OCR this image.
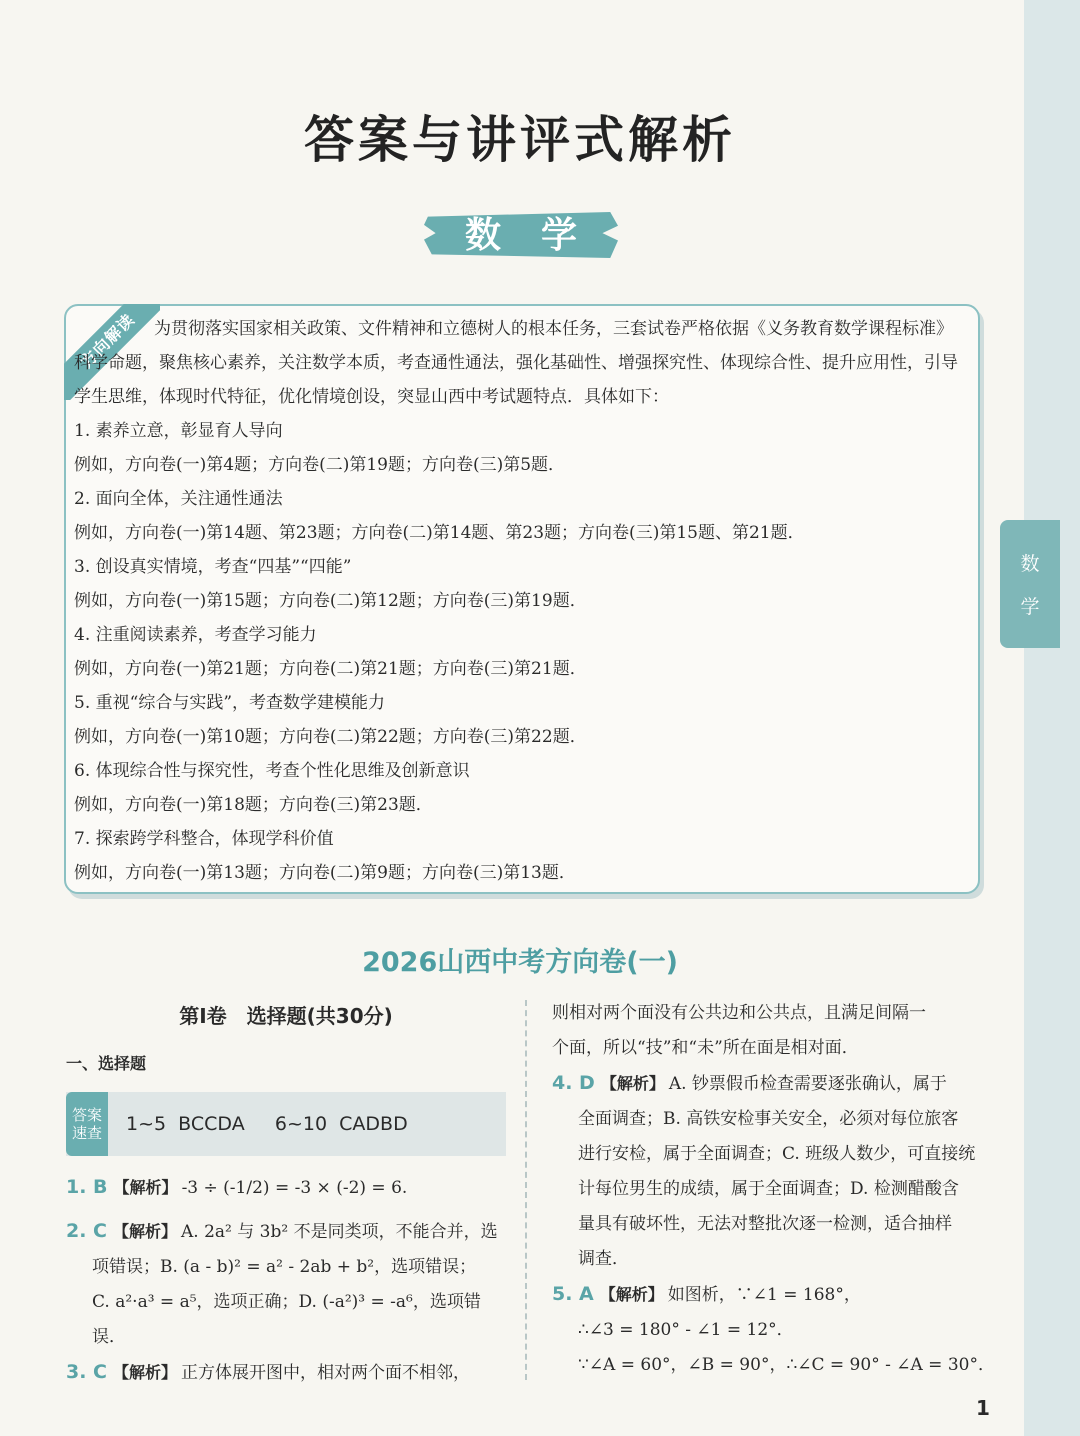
数
学
答案与讲评式解析
数学
方向解读 为贯彻落实国家相关政策、文件精神和立德树人的根本任务，三套试卷严格依据《义务教育数学课程标准》科学命题，聚焦核心素养，关注数学本质，考查通性通法，强化基础性、增强探究性、体现综合性、提升应用性，引导学生思维，体现时代特征，优化情境创设，突显山西中考试题特点．具体如下：

1. 素养立意，彰显育人导向
例如，方向卷(一)第4题；方向卷(二)第19题；方向卷(三)第5题．
2. 面向全体，关注通性通法
例如，方向卷(一)第14题、第23题；方向卷(二)第14题、第23题；方向卷(三)第15题、第21题．
3. 创设真实情境，考查“四基”“四能”
例如，方向卷(一)第15题；方向卷(二)第12题；方向卷(三)第19题．
4. 注重阅读素养，考查学习能力
例如，方向卷(一)第21题；方向卷(二)第21题；方向卷(三)第21题．
5. 重视“综合与实践”，考查数学建模能力
例如，方向卷(一)第10题；方向卷(二)第22题；方向卷(三)第22题．
6. 体现综合性与探究性，考查个性化思维及创新意识
例如，方向卷(一)第18题；方向卷(三)第23题．
7. 探索跨学科整合，体现学科价值
例如，方向卷(一)第13题；方向卷(二)第9题；方向卷(三)第13题．
2026山西中考方向卷(一)
第Ⅰ卷　选择题(共30分)
一、选择题
答案
速查 1~5  BCCDA     6~10  CADBD
1. B 【解析】 -3 ÷ (-1/2) = -3 × (-2) = 6.
2. C 【解析】 A. 2a² 与 3b² 不是同类项，不能合并，选
项错误；B. (a - b)² = a² - 2ab + b²，选项错误；
C. a²·a³ = a⁵，选项正确；D. (-a²)³ = -a⁶，选项错误．
3. C 【解析】 正方体展开图中，相对两个面不相邻，
则相对两个面没有公共边和公共点，且满足间隔一
个面，所以“技”和“未”所在面是相对面．
4. D 【解析】 A. 钞票假币检查需要逐张确认，属于
全面调查；B. 高铁安检事关安全，必须对每位旅客
进行安检，属于全面调查；C. 班级人数少，可直接统
计每位男生的成绩，属于全面调查；D. 检测醋酸含
量具有破坏性，无法对整批次逐一检测，适合抽样
调查．
5. A 【解析】 如图析，∵∠1 = 168°，
∴∠3 = 180° - ∠1 = 12°．
∵∠A = 60°，∠B = 90°，∴∠C = 90° - ∠A = 30°．
1
